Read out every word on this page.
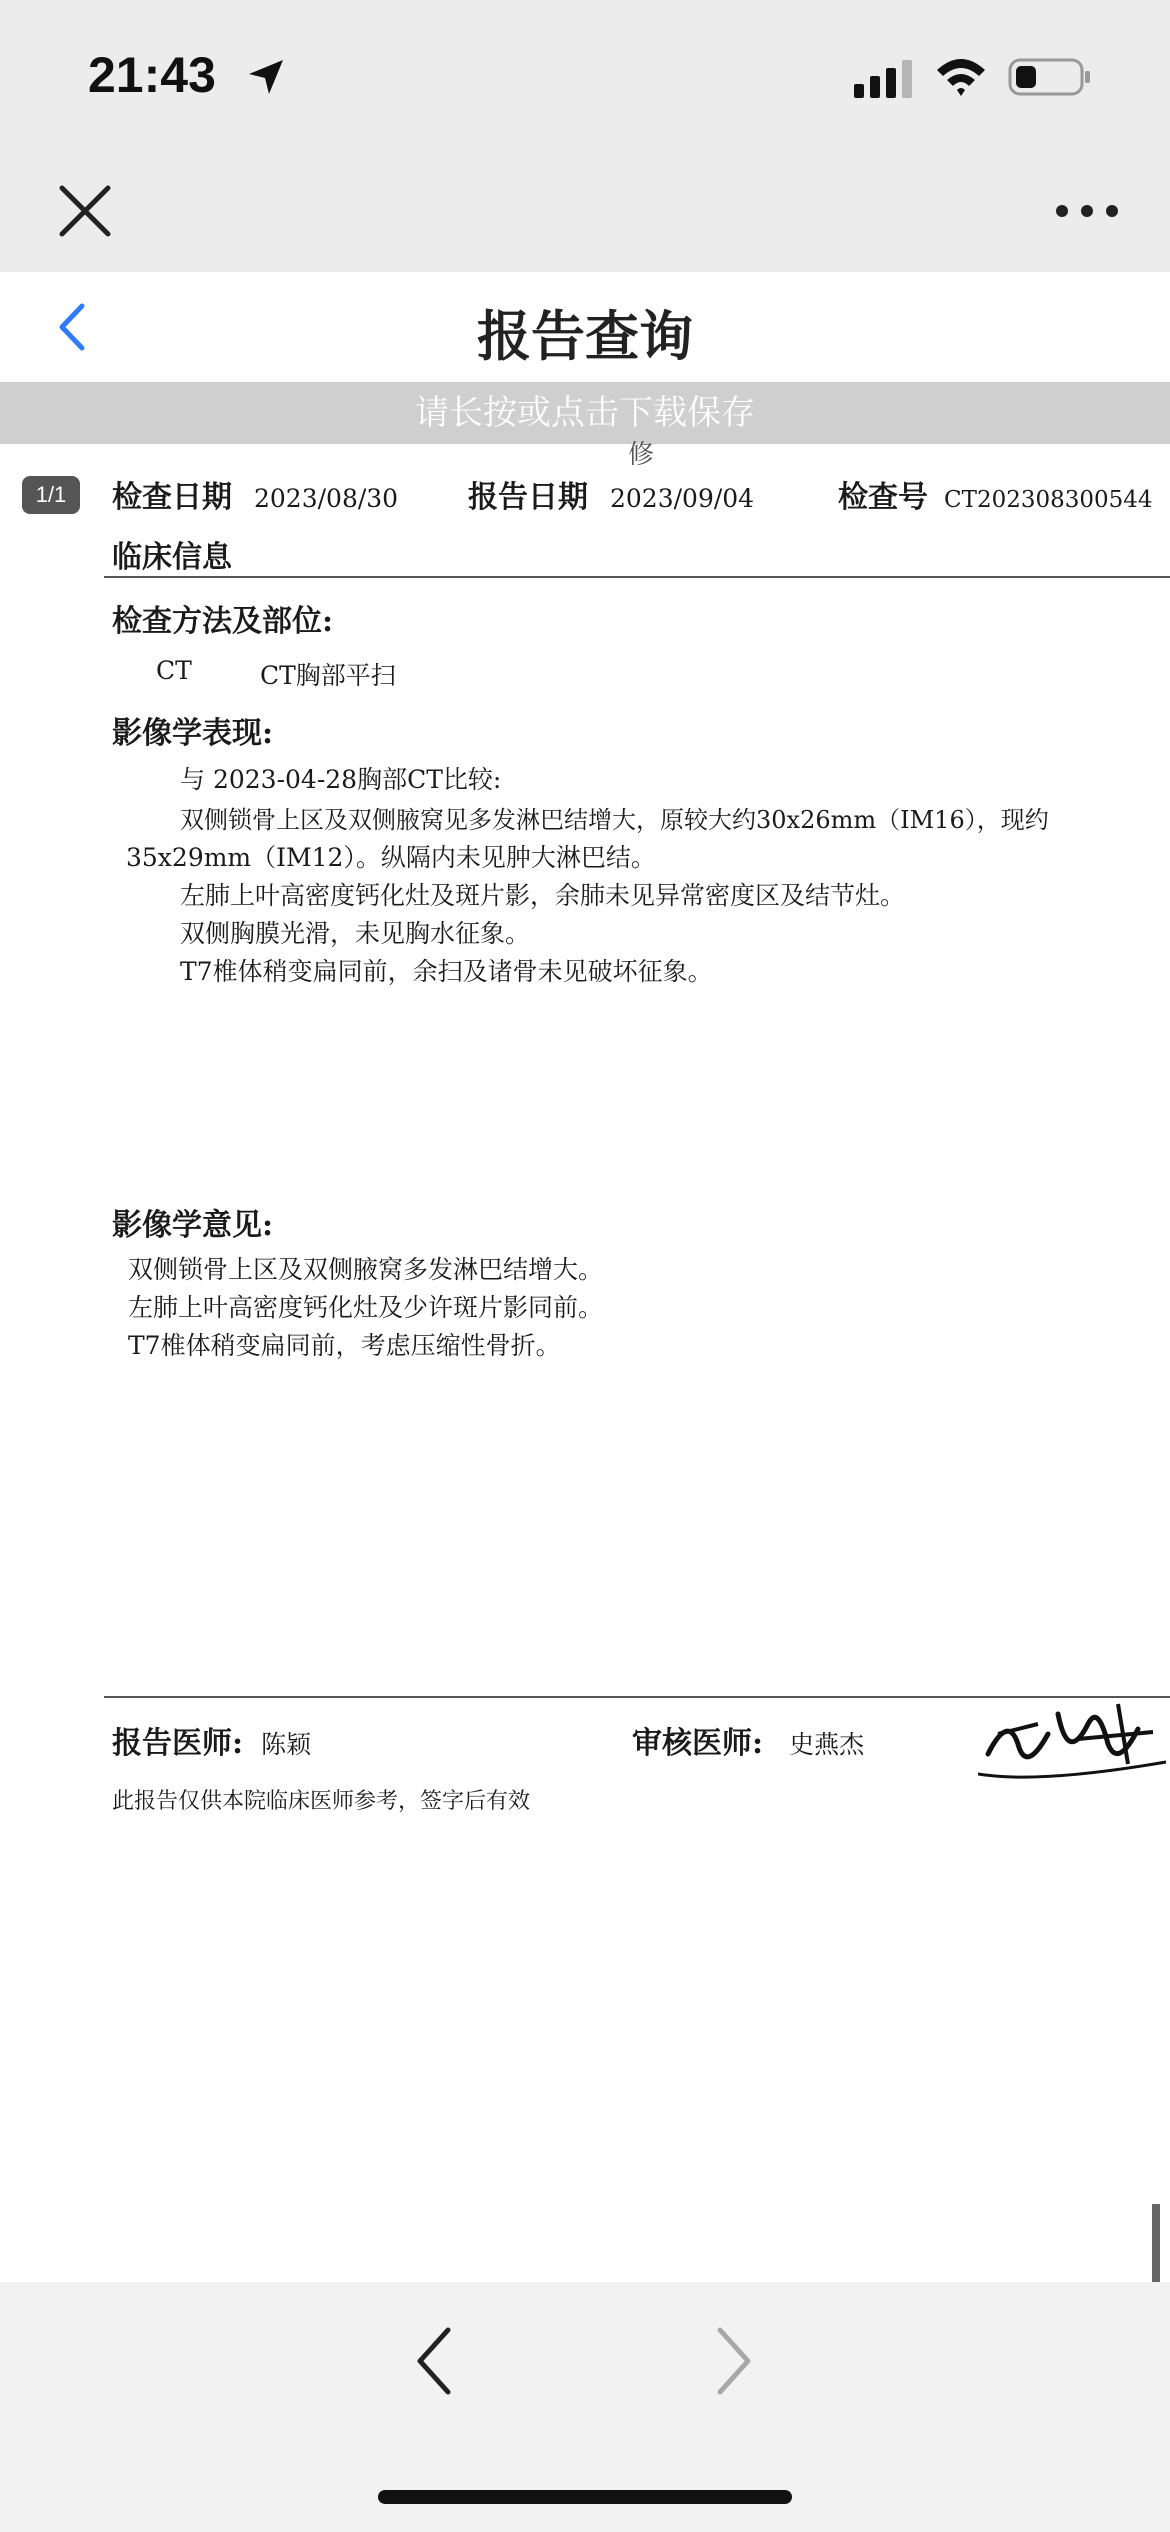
21:43
报告查询
请长按或点击下载保存
修
1/1	检查日期 2023/08/30 报告日期 2023/09/04	检查号 CT202308300544
临床信息
检查方法及部位:
CT	CT胸部平扫
影像学表现:
与 2023-04-28胸部CT比较:
双侧锁骨上区及双侧腋窝见多发淋巴结增大，原较大约30x26mm（IM16），现约
35x29mm（IM12）。纵隔内未见肿大淋巴结。
左肺上叶高密度钙化灶及斑片影，余肺未见异常密度区及结节灶。
双侧胸膜光滑，未见胸水征象。
T7椎体稍变扁同前，余扫及诸骨未见破坏征象。
影像学意见:
双侧锁骨上区及双侧腋窝多发淋巴结增大。
左肺上叶高密度钙化灶及少许斑片影同前。
T7椎体稍变扁同前，考虑压缩性骨折。
报告医师: 陈颖	审核医师: 史燕杰
此报告仅供本院临床医师参考，签字后有效
